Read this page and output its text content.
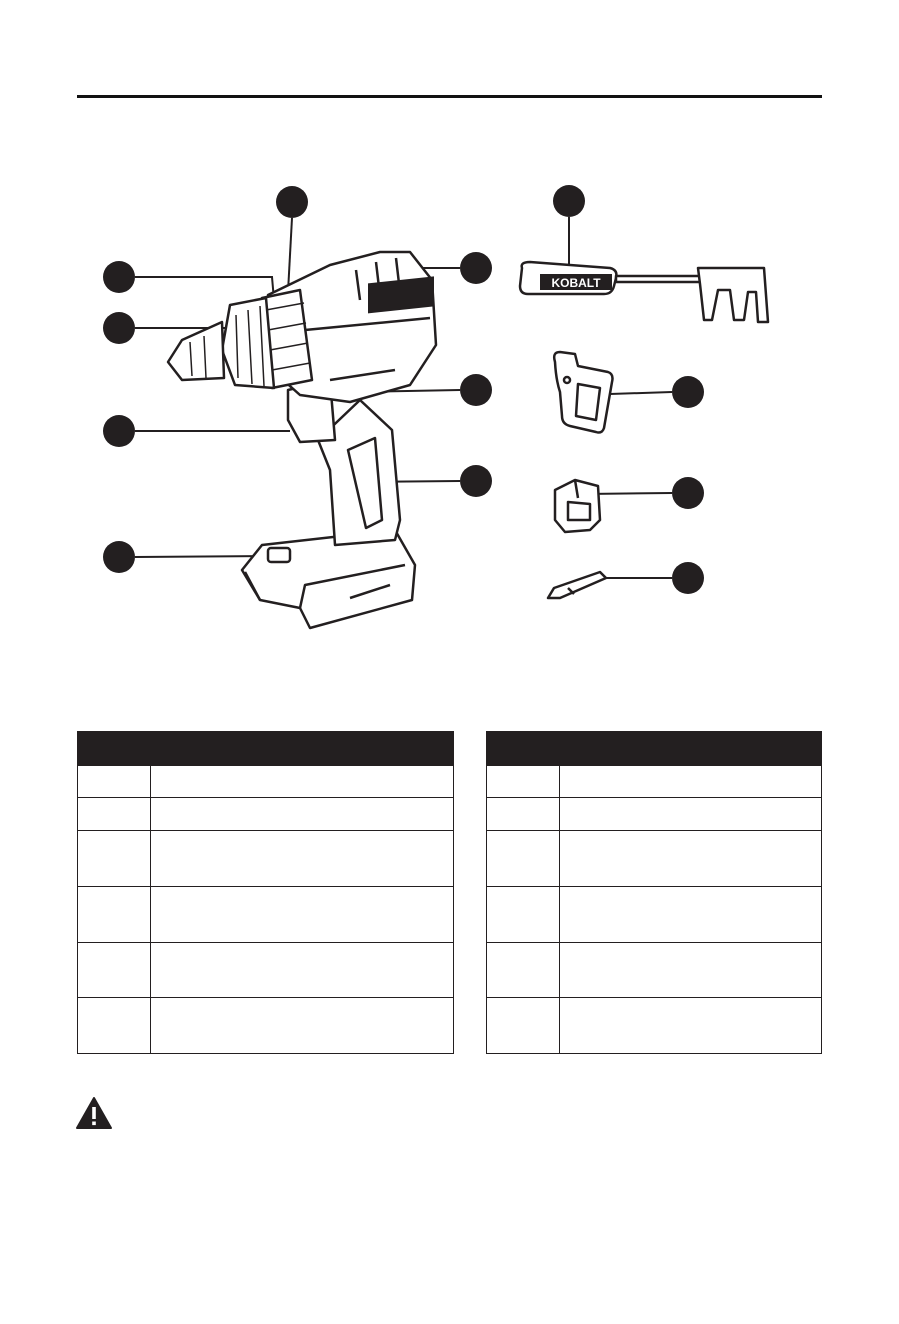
KOBALT
BRUSHLESS
KOBALT
